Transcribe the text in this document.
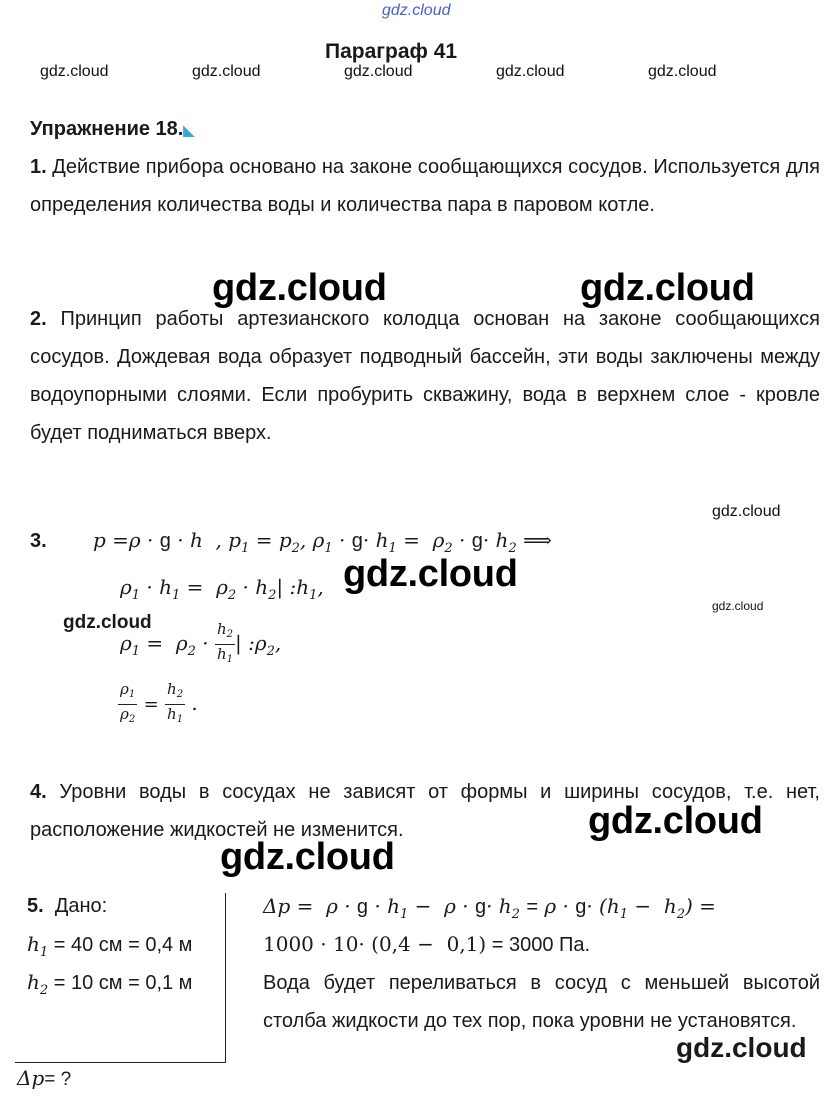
gdz.cloud
Параграф 41
gdz.cloud	gdz.cloud	gdz.cloud	gdz.cloud	gdz.cloud
Упражнение 18.◣
1. Действие прибора основано на законе сообщающихся сосудов. Используется для определения количества воды и количества пара в паровом котле.
gdz.cloud	gdz.cloud
2. Принцип работы артезианского колодца основан на законе сообщающихся сосудов. Дождевая вода образует подводный бассейн, эти воды заключены между водоупорными слоями. Если пробурить скважину, вода в верхнем слое - кровле будет подниматься вверх.
gdz.cloud
3. p =ρ · g · h  , $p_1 = p_2$, $\rho_1 \cdot g\cdot h_1 = \rho_2 \cdot g\cdot h_2$ ⟹
$\rho_1 \cdot h_1 = \rho_2 \cdot h_2|$ $:h_1$, gdz.cloud
gdz.cloud
gdz.cloud
$\rho_1 = \rho_2 \cdot \frac{h_2}{h_1}$ | $:\rho_2$,
$\frac{\rho_1}{\rho_2} = \frac{h_2}{h_1}$ .
4. Уровни воды в сосудах не зависят от формы и ширины сосудов, т.е. нет, расположение жидкостей не изменится.	gdz.cloud
gdz.cloud
5. Дано:
$h_1 = 40$ см = 0,4 м
$h_2 = 10$ см = 0,1 м
Δp= ?
$\Delta p = \rho \cdot g \cdot h_1 - \rho \cdot g\cdot h_2 = \rho \cdot g\cdot (h_1 - h_2)$ =
1000 · 10· (0,4 −  0,1) = 3000 Па.
Вода будет переливаться в сосуд с меньшей высотой столба жидкости до тех пор, пока уровни не установятся.
gdz.cloud
